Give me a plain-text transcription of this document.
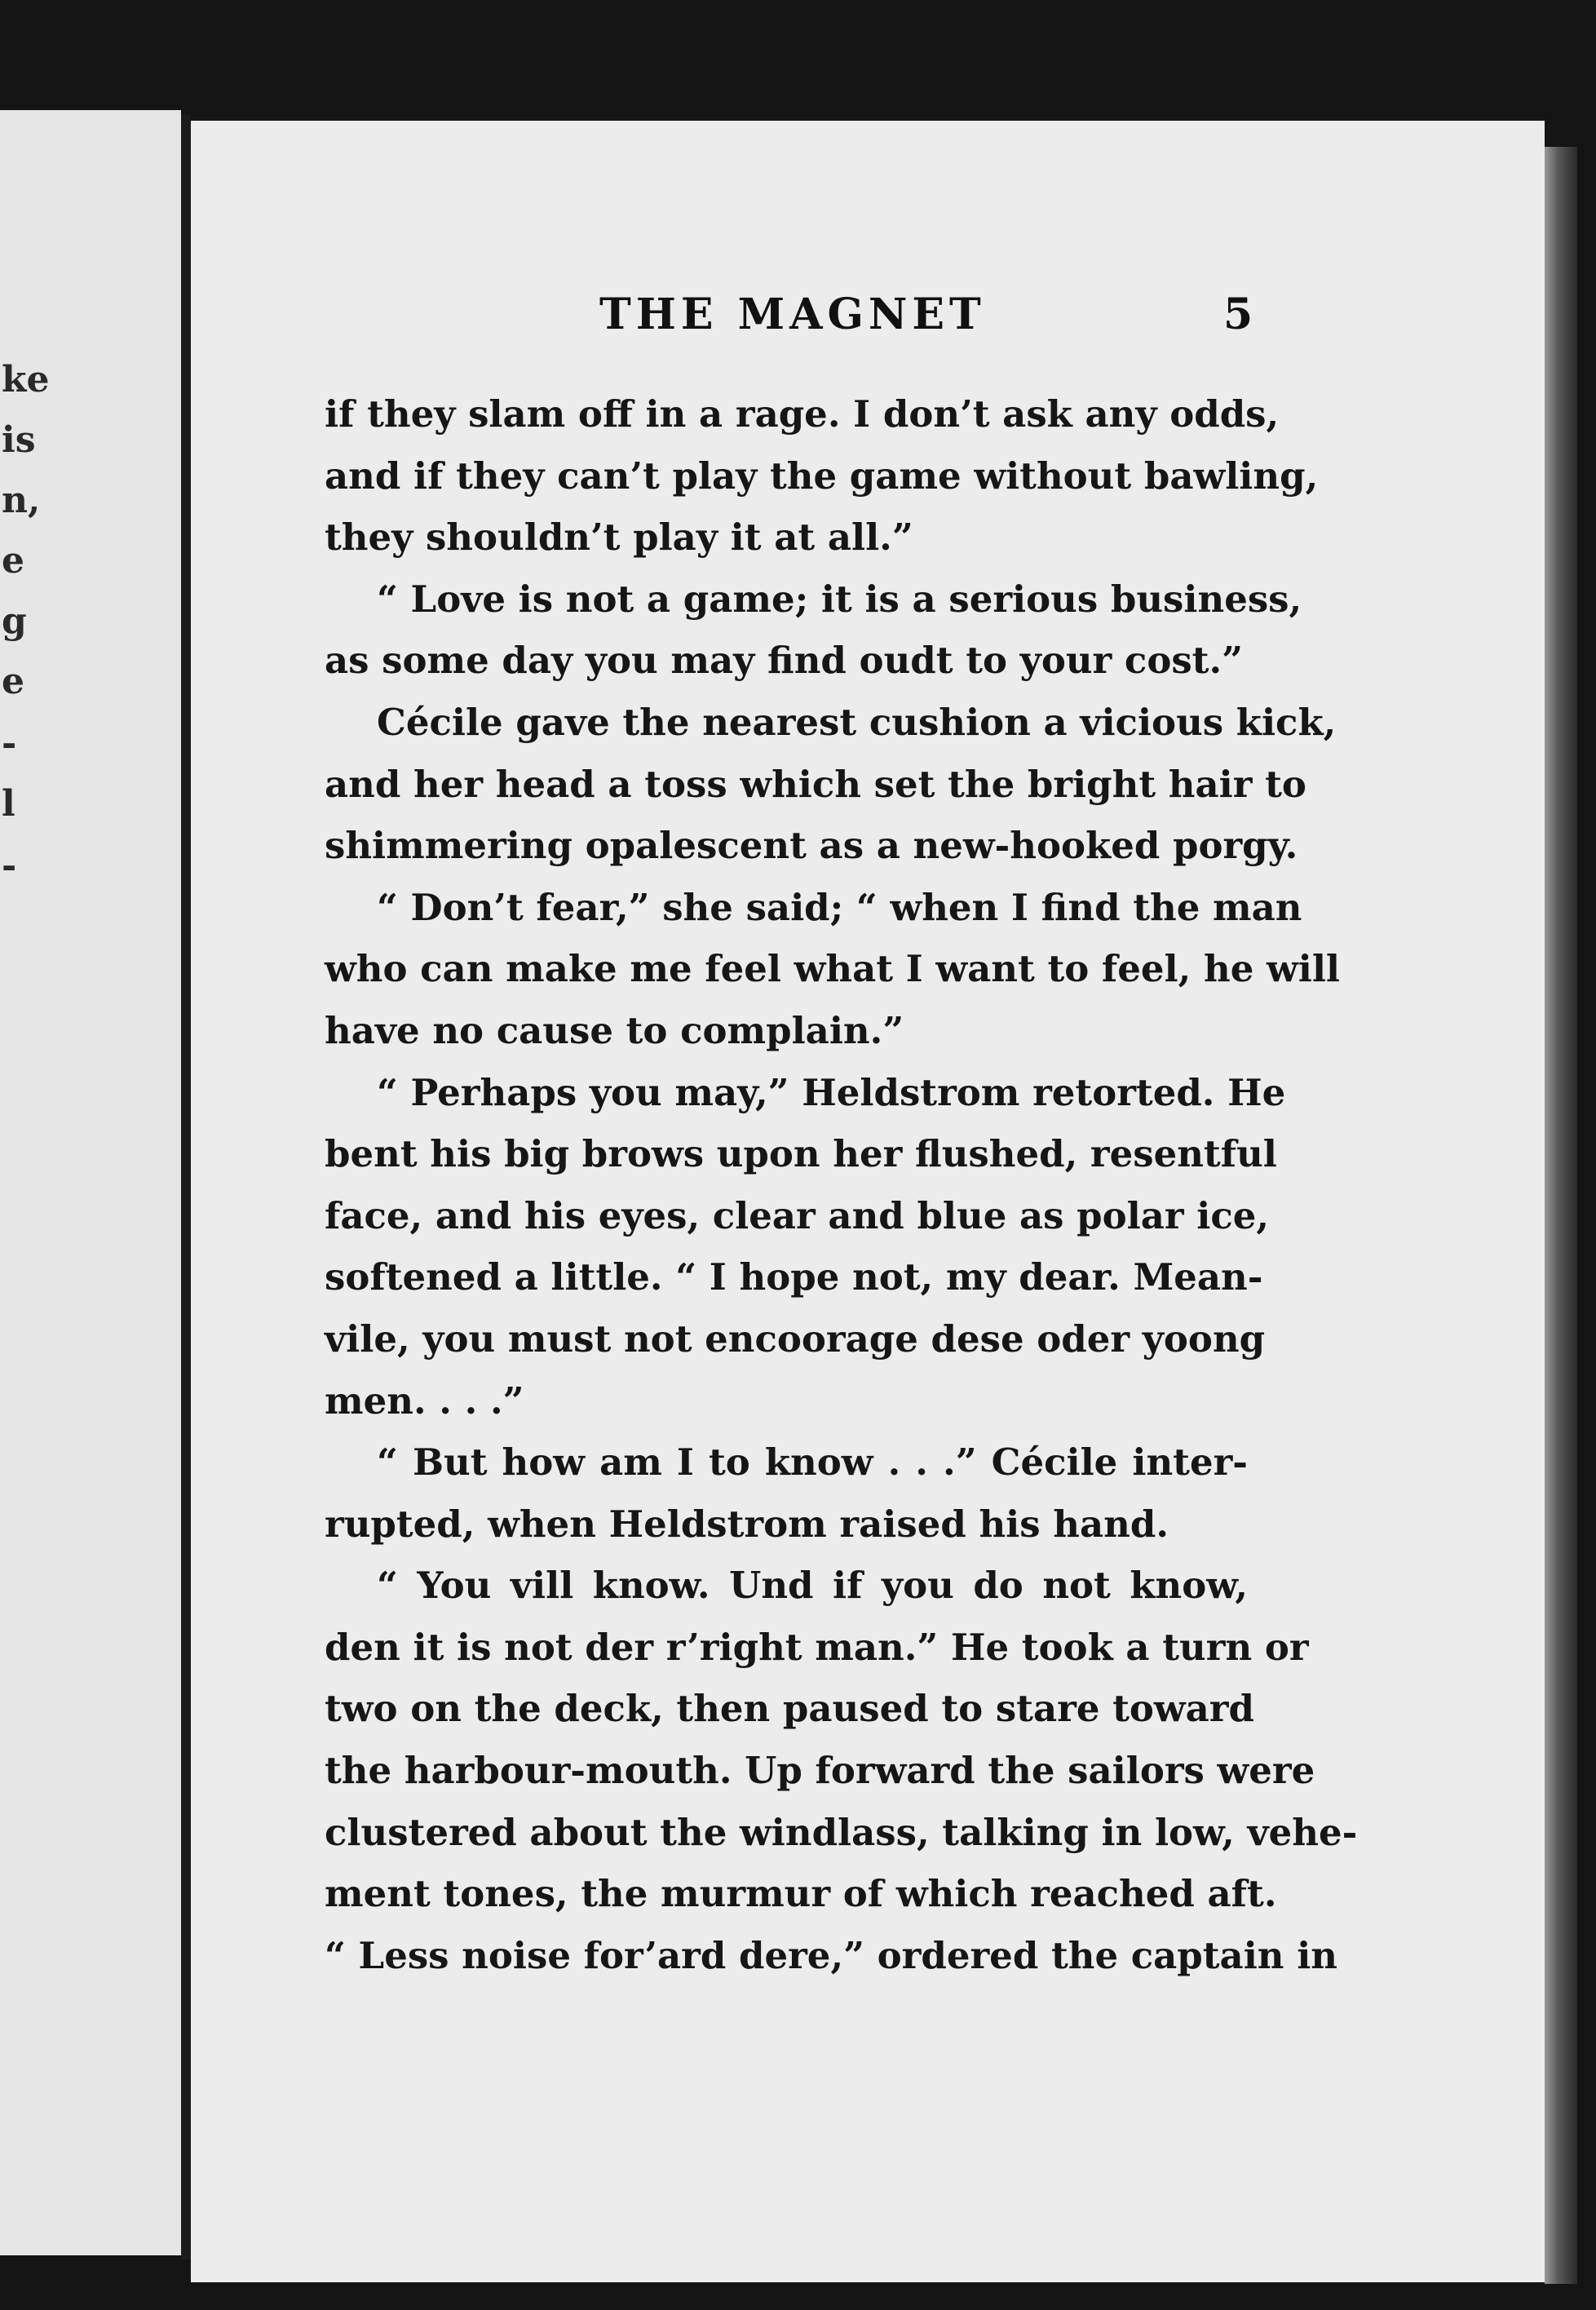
ke
is
n,
e
g
e
-
l
-
THE MAGNET	5
if they slam off in a rage. I don’t ask any odds,
and if they can’t play the game without bawling,
they shouldn’t play it at all.”
“ Love is not a game; it is a serious business,
as some day you may find oudt to your cost.”
Cécile gave the nearest cushion a vicious kick,
and her head a toss which set the bright hair to
shimmering opalescent as a new-hooked porgy.
“ Don’t fear,” she said; “ when I find the man
who can make me feel what I want to feel, he will
have no cause to complain.”
“ Perhaps you may,” Heldstrom retorted. He
bent his big brows upon her flushed, resentful
face, and his eyes, clear and blue as polar ice,
softened a little. “ I hope not, my dear. Mean-
vile, you must not encoorage dese oder yoong
men. . . .”
“ But how am I to know . . .” Cécile inter-
rupted, when Heldstrom raised his hand.
“ You vill know. Und if you do not know,
den it is not der r’right man.” He took a turn or
two on the deck, then paused to stare toward
the harbour-mouth. Up forward the sailors were
clustered about the windlass, talking in low, vehe-
ment tones, the murmur of which reached aft.
“ Less noise for’ard dere,” ordered the captain in
